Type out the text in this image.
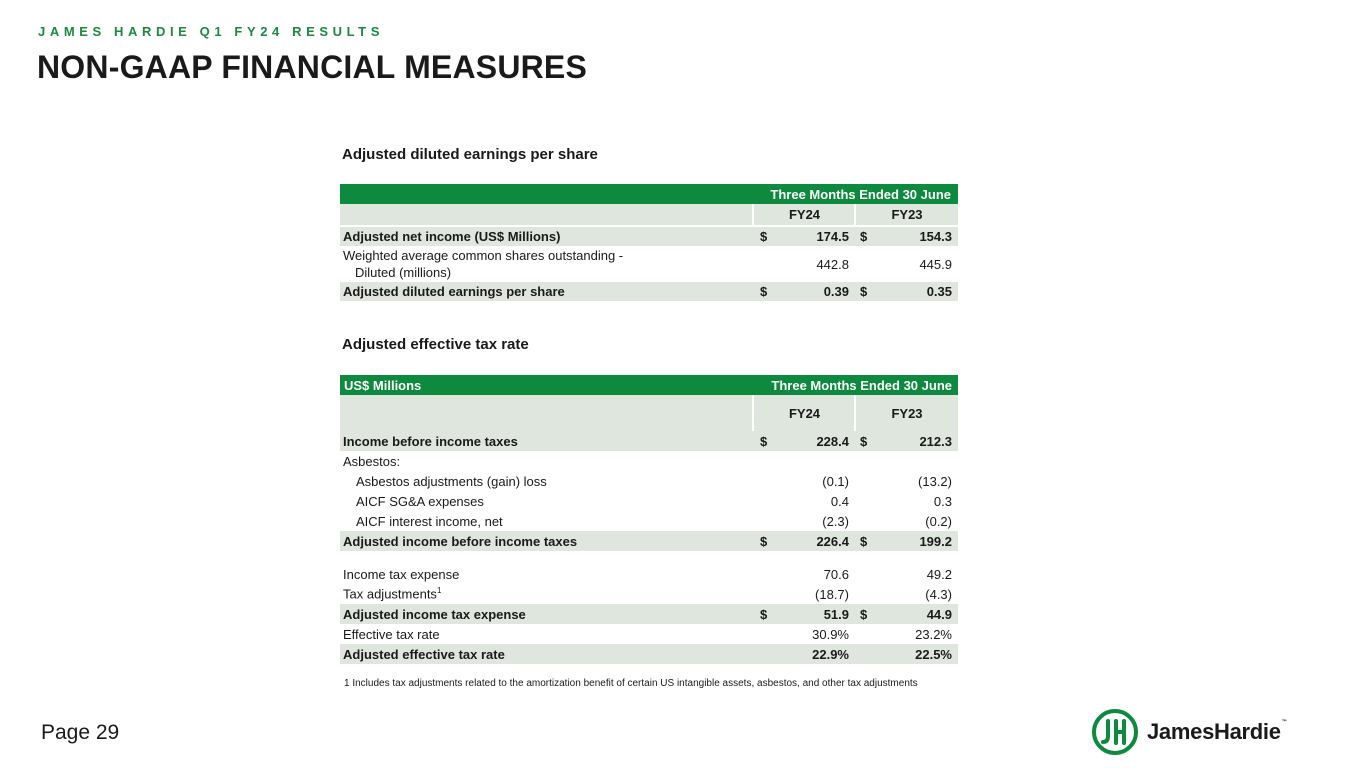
JAMES HARDIE Q1 FY24 RESULTS
NON-GAAP FINANCIAL MEASURES
Adjusted diluted earnings per share
Three Months Ended 30 June
FY24	FY23
Adjusted net income (US$ Millions)	$	174.5 $	154.3
Weighted average common shares outstanding -
Diluted (millions)
442.8	445.9
Adjusted diluted earnings per share	$	0.39 $	0.35
Adjusted effective tax rate
US$ Millions	Three Months Ended 30 June
FY24	FY23
Income before income taxes	$	228.4 $	212.3
Asbestos:
Asbestos adjustments (gain) loss	(0.1)	(13.2)
AICF SG&A expenses	0.4	0.3
AICF interest income, net	(2.3)	(0.2)
Adjusted income before income taxes	$	226.4 $	199.2
Income tax expense	70.6	49.2
Tax adjustments$^1$	(18.7)	(4.3)
Adjusted income tax expense	$	51.9 $	44.9
Effective tax rate	30.9%	23.2%
Adjusted effective tax rate	22.9%	22.5%
1 Includes tax adjustments related to the amortization benefit of certain US intangible assets, asbestos, and other tax adjustments
Page 29	JamesHardie™
